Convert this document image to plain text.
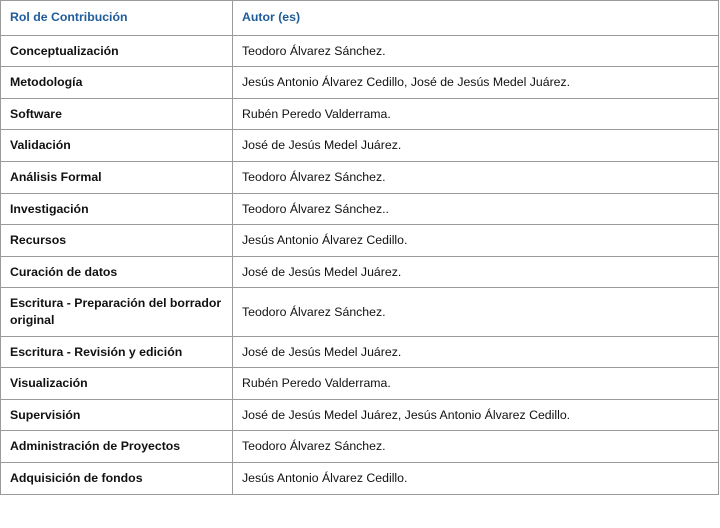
Rol de Contribución	Autor (es)
Conceptualización	Teodoro Álvarez Sánchez.
Metodología	Jesús Antonio Álvarez Cedillo, José de Jesús Medel Juárez.
Software	Rubén Peredo Valderrama.
Validación	José de Jesús Medel Juárez.
Análisis Formal	Teodoro Álvarez Sánchez.
Investigación	Teodoro Álvarez Sánchez..
Recursos	Jesús Antonio Álvarez Cedillo.
Curación de datos	José de Jesús Medel Juárez.
Escritura - Preparación del borrador original	Teodoro Álvarez Sánchez.
Escritura - Revisión y edición	José de Jesús Medel Juárez.
Visualización	Rubén Peredo Valderrama.
Supervisión	José de Jesús Medel Juárez, Jesús Antonio Álvarez Cedillo.
Administración de Proyectos	Teodoro Álvarez Sánchez.
Adquisición de fondos	Jesús Antonio Álvarez Cedillo.
